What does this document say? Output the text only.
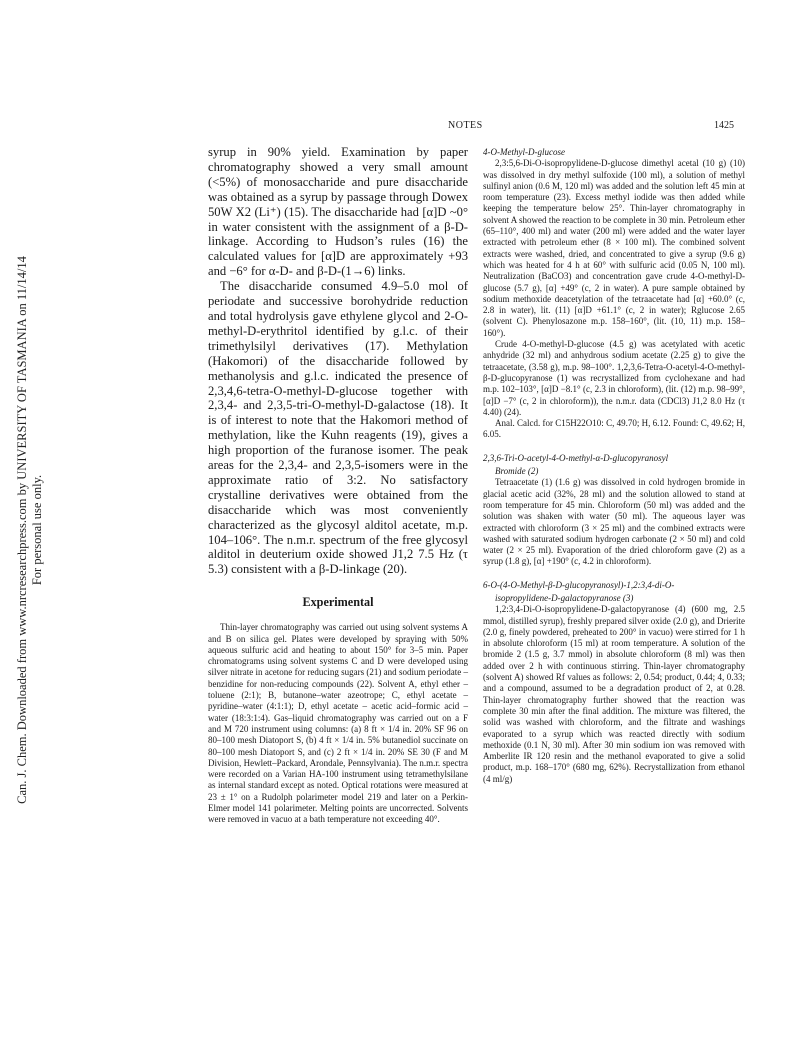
Can. J. Chem. Downloaded from www.nrcresearchpress.com by UNIVERSITY OF TASMANIA on 11/14/14 For personal use only.
NOTES	1425

syrup in 90% yield. Examination by paper chromatography showed a very small amount (<5%) of monosaccharide and pure disaccharide was obtained as a syrup by passage through Dowex 50W X2 (Li⁺) (15). The disaccharide had [α]D ~0° in water consistent with the assignment of a β-D-linkage. According to Hudson’s rules (16) the calculated values for [α]D are approximately +93 and −6° for α-D- and β-D-(1→6) links.

The disaccharide consumed 4.9–5.0 mol of periodate and successive borohydride reduction and total hydrolysis gave ethylene glycol and 2-O-methyl-D-erythritol identified by g.l.c. of their trimethylsilyl derivatives (17). Methylation (Hakomori) of the disaccharide followed by methanolysis and g.l.c. indicated the presence of 2,3,4,6-tetra-O-methyl-D-glucose together with 2,3,4- and 2,3,5-tri-O-methyl-D-galactose (18). It is of interest to note that the Hakomori method of methylation, like the Kuhn reagents (19), gives a high proportion of the furanose isomer. The peak areas for the 2,3,4- and 2,3,5-isomers were in the approximate ratio of 3:2. No satisfactory crystalline derivatives were obtained from the disaccharide which was most conveniently characterized as the glycosyl alditol acetate, m.p. 104–106°. The n.m.r. spectrum of the free glycosyl alditol in deuterium oxide showed J1,2 7.5 Hz (τ 5.3) consistent with a β-D-linkage (20).

Experimental

Thin-layer chromatography was carried out using solvent systems A and B on silica gel. Plates were developed by spraying with 50% aqueous sulfuric acid and heating to about 150° for 3–5 min. Paper chromatograms using solvent systems C and D were developed using silver nitrate in acetone for reducing sugars (21) and sodium periodate – benzidine for non-reducing compounds (22). Solvent A, ethyl ether – toluene (2:1); B, butanone–water azeotrope; C, ethyl acetate – pyridine–water (4:1:1); D, ethyl acetate – acetic acid–formic acid – water (18:3:1:4). Gas–liquid chromatography was carried out on a F and M 720 instrument using columns: (a) 8 ft × 1/4 in. 20% SF 96 on 80–100 mesh Diatoport S, (b) 4 ft × 1/4 in. 5% butanediol succinate on 80–100 mesh Diatoport S, and (c) 2 ft × 1/4 in. 20% SE 30 (F and M Division, Hewlett–Packard, Arondale, Pennsylvania). The n.m.r. spectra were recorded on a Varian HA-100 instrument using tetramethylsilane as internal standard except as noted. Optical rotations were measured at 23 ± 1° on a Rudolph polarimeter model 219 and later on a Perkin-Elmer model 141 polarimeter. Melting points are uncorrected. Solvents were removed in vacuo at a bath temperature not exceeding 40°.

4-O-Methyl-D-glucose

2,3:5,6-Di-O-isopropylidene-D-glucose dimethyl acetal (10 g) (10) was dissolved in dry methyl sulfoxide (100 ml), a solution of methyl sulfinyl anion (0.6 M, 120 ml) was added and the solution left 45 min at room temperature (23). Excess methyl iodide was then added while keeping the temperature below 25°. Thin-layer chromatography in solvent A showed the reaction to be complete in 30 min. Petroleum ether (65–110°, 400 ml) and water (200 ml) were added and the water layer extracted with petroleum ether (8 × 100 ml). The combined solvent extracts were washed, dried, and concentrated to give a syrup (9.6 g) which was heated for 4 h at 60° with sulfuric acid (0.05 N, 100 ml). Neutralization (BaCO3) and concentration gave crude 4-O-methyl-D-glucose (5.7 g), [α] +49° (c, 2 in water). A pure sample obtained by sodium methoxide deacetylation of the tetraacetate had [α] +60.0° (c, 2.8 in water), lit. (11) [α]D +61.1° (c, 2 in water); Rglucose 2.65 (solvent C). Phenylosazone m.p. 158–160°, (lit. (10, 11) m.p. 158–160°).

Crude 4-O-methyl-D-glucose (4.5 g) was acetylated with acetic anhydride (32 ml) and anhydrous sodium acetate (2.25 g) to give the tetraacetate, (3.58 g), m.p. 98–100°. 1,2,3,6-Tetra-O-acetyl-4-O-methyl-β-D-glucopyranose (1) was recrystallized from cyclohexane and had m.p. 102–103°, [α]D −8.1° (c, 2.3 in chloroform), (lit. (12) m.p. 98–99°, [α]D −7° (c, 2 in chloroform)), the n.m.r. data (CDCl3) J1,2 8.0 Hz (τ 4.40) (24).

Anal. Calcd. for C15H22O10: C, 49.70; H, 6.12. Found: C, 49.62; H, 6.05.

2,3,6-Tri-O-acetyl-4-O-methyl-α-D-glucopyranosyl

Bromide (2)

Tetraacetate (1) (1.6 g) was dissolved in cold hydrogen bromide in glacial acetic acid (32%, 28 ml) and the solution allowed to stand at room temperature for 45 min. Chloroform (50 ml) was added and the solution was shaken with water (50 ml). The aqueous layer was extracted with chloroform (3 × 25 ml) and the combined extracts were washed with saturated sodium hydrogen carbonate (2 × 50 ml) and cold water (2 × 25 ml). Evaporation of the dried chloroform gave (2) as a syrup (1.8 g), [α] +190° (c, 4.2 in chloroform).

6-O-(4-O-Methyl-β-D-glucopyranosyl)-1,2:3,4-di-O-

isopropylidene-D-galactopyranose (3)

1,2:3,4-Di-O-isopropylidene-D-galactopyranose (4) (600 mg, 2.5 mmol, distilled syrup), freshly prepared silver oxide (2.0 g), and Drierite (2.0 g, finely powdered, preheated to 200° in vacuo) were stirred for 1 h in absolute chloroform (15 ml) at room temperature. A solution of the bromide 2 (1.5 g, 3.7 mmol) in absolute chloroform (8 ml) was then added over 2 h with continuous stirring. Thin-layer chromatography (solvent A) showed Rf values as follows: 2, 0.54; product, 0.44; 4, 0.33; and a compound, assumed to be a degradation product of 2, at 0.28. Thin-layer chromatography further showed that the reaction was complete 30 min after the final addition. The mixture was filtered, the solid was washed with chloroform, and the filtrate and washings evaporated to a syrup which was reacted directly with sodium methoxide (0.1 N, 30 ml). After 30 min sodium ion was removed with Amberlite IR 120 resin and the methanol evaporated to give a solid product, m.p. 168–170° (680 mg, 62%). Recrystallization from ethanol (4 ml/g)
